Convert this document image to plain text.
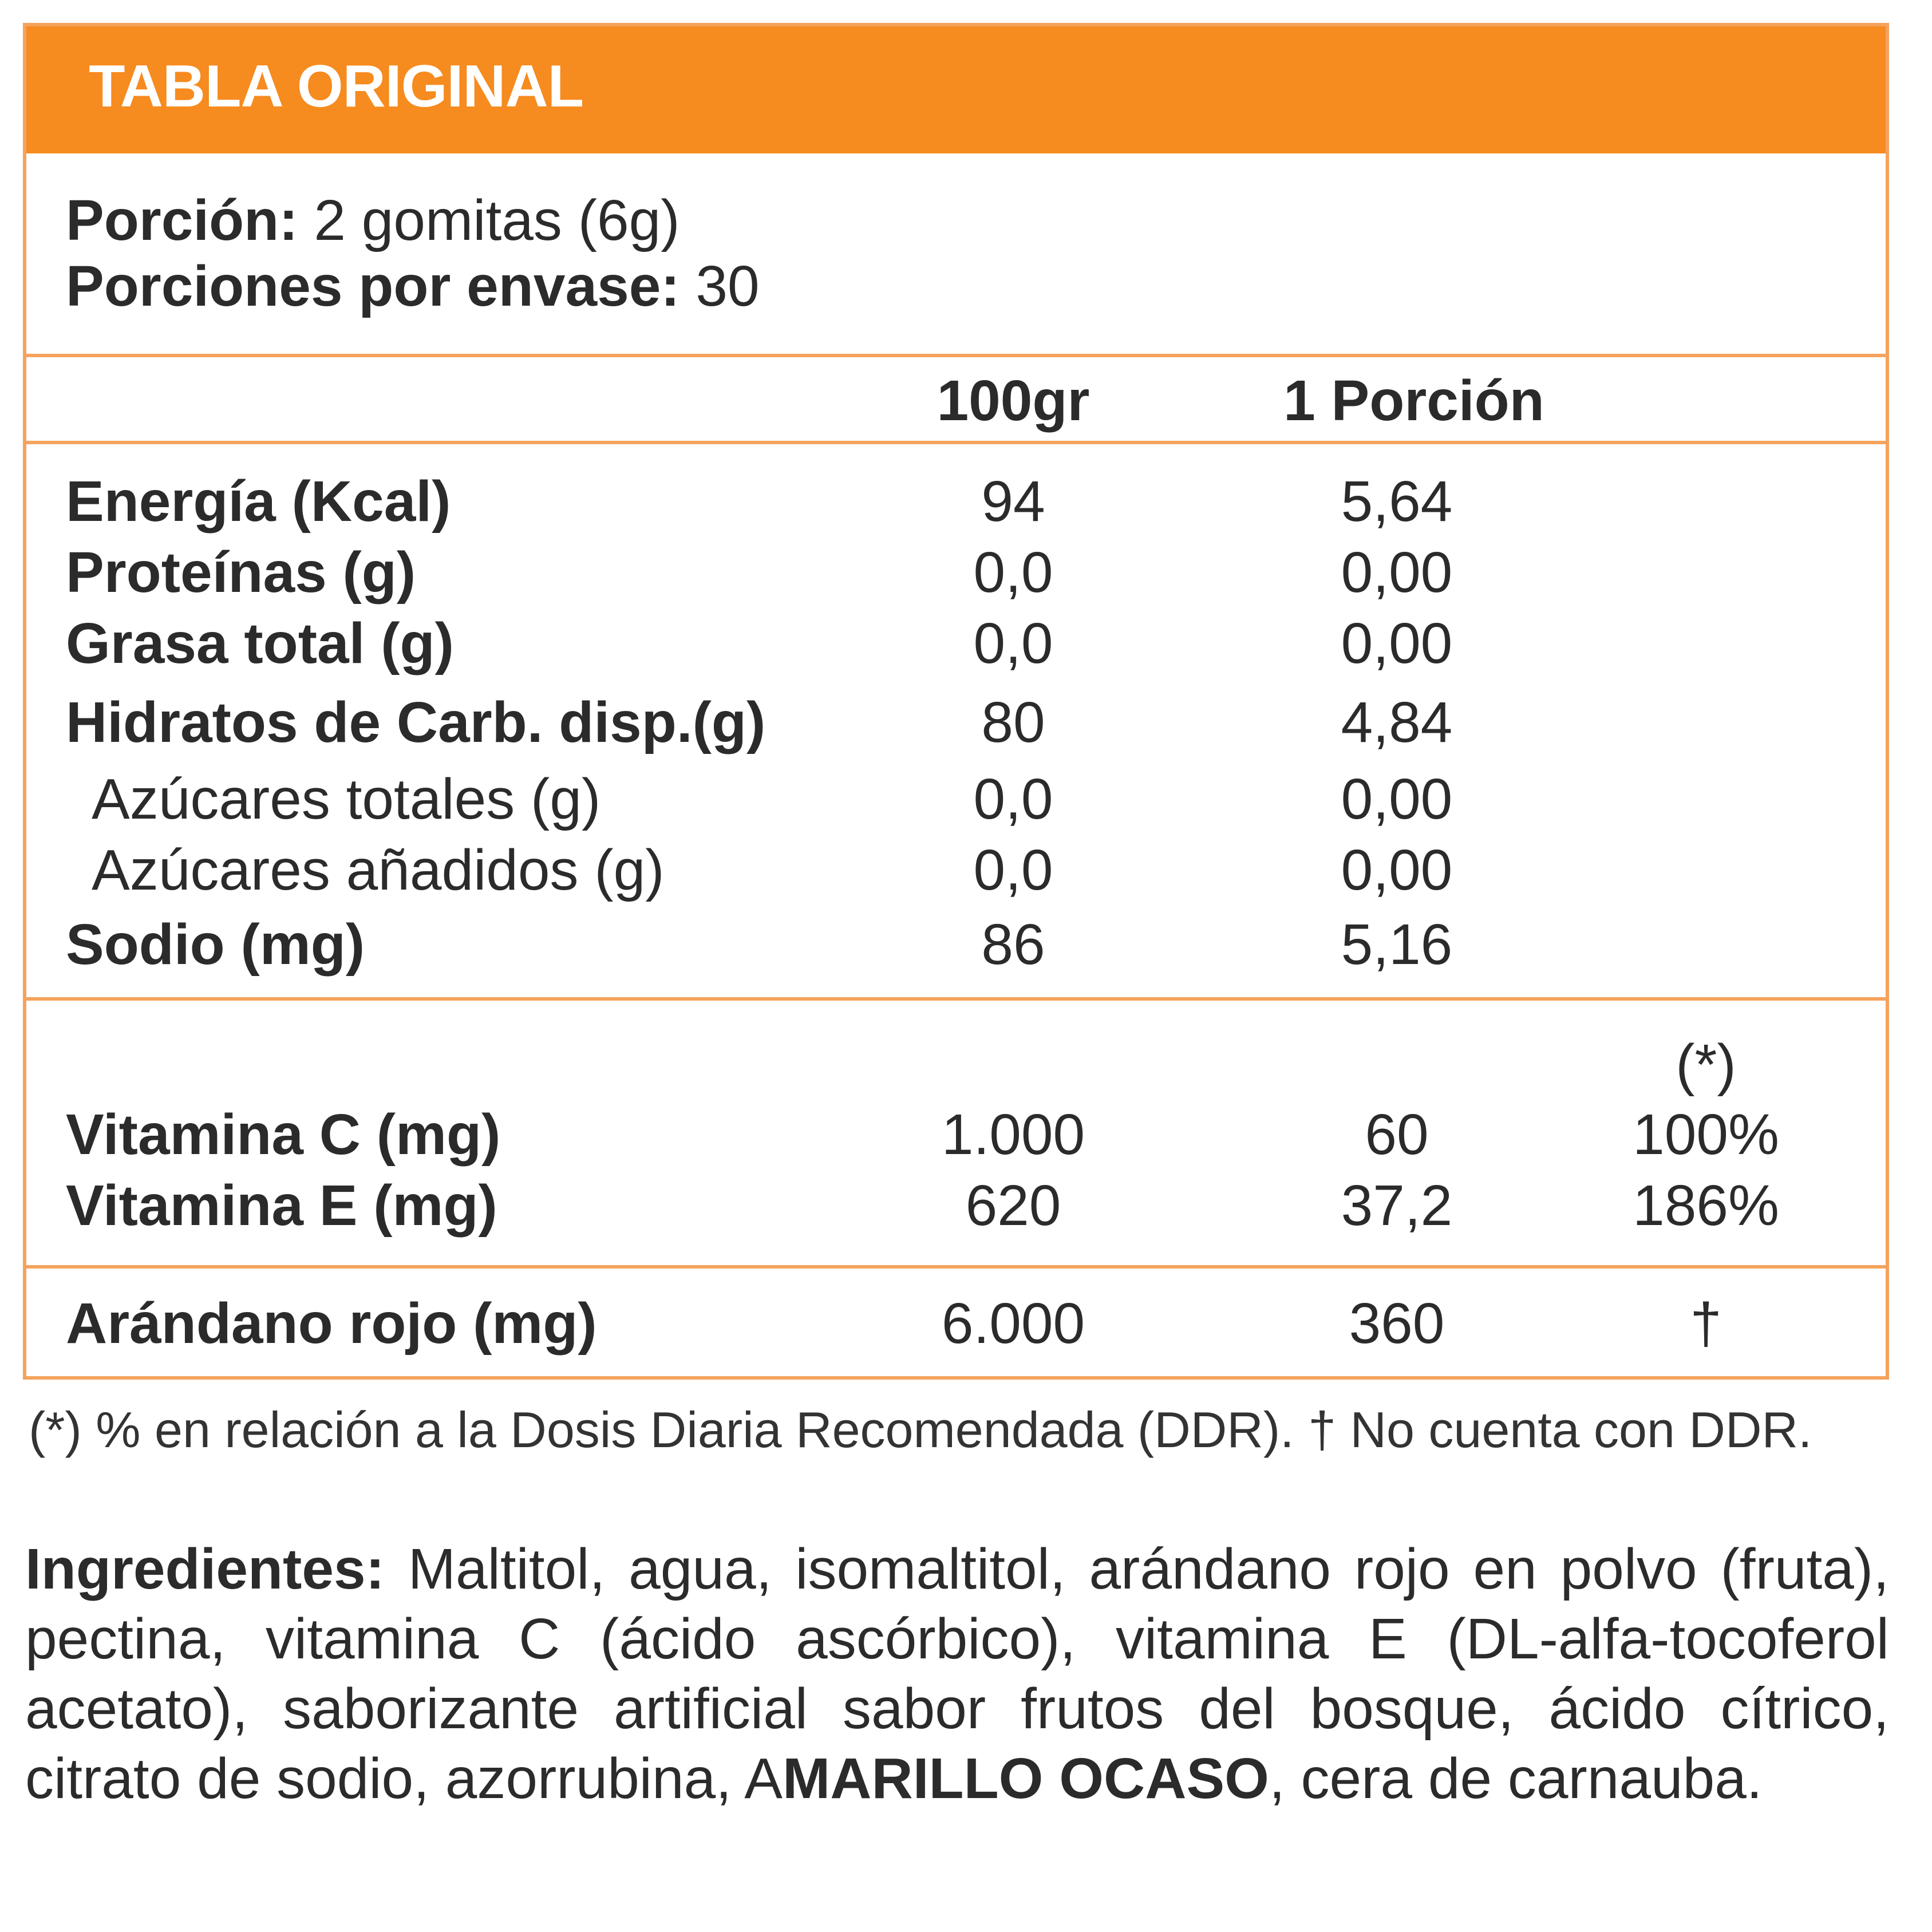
TABLA ORIGINAL
Porción: 2 gomitas (6g)
Porciones por envase: 30
100gr	1 Porción
Energía (Kcal)	94	5,64
Proteínas (g)	0,0	0,00
Grasa total (g)	0,0	0,00
Hidratos de Carb. disp.(g)	80	4,84
Azúcares totales (g)	0,0	0,00
Azúcares añadidos (g)	0,0	0,00
Sodio (mg)	86	5,16
(*)
Vitamina C (mg)	1.000	60	100%
Vitamina E (mg)	620	37,2	186%
Arándano rojo (mg)	6.000	360	†
(*) % en relación a la Dosis Diaria Recomendada (DDR). † No cuenta con DDR.
Ingredientes: Maltitol, agua, isomaltitol, arándano rojo en polvo (fruta), pectina, vitamina C (ácido ascórbico), vitamina E (DL-alfa-tocoferol acetato), saborizante artificial sabor frutos del bosque, ácido cítrico, citrato de sodio, azorrubina, AMARILLO OCASO, cera de carnauba.
